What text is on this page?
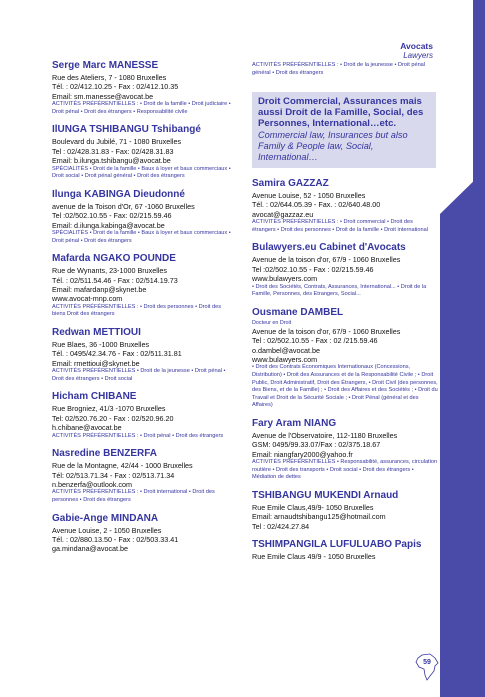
Avocats
Lawyers
Serge Marc MANESSE
Rue des Ateliers, 7 - 1080 Bruxelles
Tél. : 02/412.10.25 - Fax : 02/412.10.35
Email: sm.manesse@avocat.be
ACTIVITÉS PRÉFÉRENTIELLES : • Droit de la famille • Droit judiciaire • Droit pénal • Droit des étrangers • Responsabilité civile
IlUNGA TSHIBANGU Tshibangé
Boulevard du Jubilé, 71 - 1080 Bruxelles
Tel : 02/428.31.83 - Fax: 02/428.31.83
Email: b.ilunga.tshibangu@avocat.be
SPÉCIALITÉS • Droit de la famille • Baux à loyer et baux commerciaux • Droit social • Droit pénal général • Droit des étrangers
Ilunga KABINGA Dieudonné
avenue de la Toison d'Or, 67 -1060 Bruxelles
Tel :02/502.10.55 - Fax: 02/215.59.46
Email: d.ilunga.kabinga@avocat.be
SPÉCIALITÉS • Droit de la famille • Baux à loyer et baux commerciaux • Droit pénal • Droit des étrangers
Mafarda NGAKO POUNDE
Rue de Wynants, 23-1000 Bruxelles
Tél. : 02/511.54.46 - Fax : 02/514.19.73
Email: mafardanp@skynet.be
www.avocat-mnp.com
ACTIVITÉS PRÉFÉRENTIELLES : • Droit des personnes • Droit des biens Droit des étrangers
Redwan METTIOUI
Rue Blaes, 36 -1000 Bruxelles
Tél. : 0495/42.34.76 - Fax : 02/511.31.81
Email: rmettioui@skynet.be
ACTIVITÉS PRÉFÉRENTIELLES • Droit de la jeunesse • Droit pénal • Droit des étrangers • Droit social
Hicham CHIBANE
Rue Brogniez, 41/3 -1070 Bruxelles
Tel: 02/520.76.20 - Fax : 02/520.96.20
h.chibane@avocat.be
ACTIVITÉS PRÉFÉRENTIELLES : • Droit pénal • Droit des étrangers
Nasredine BENZERFA
Rue de la Montagne, 42/44 - 1000 Bruxelles
Tél: 02/513.71.34 - Fax : 02/513.71.34
n.benzerfa@outlook.com
ACTIVITÉS PRÉFÉRENTIELLES : • Droit international • Droit des personnes • Droit des étrangers
Gabie-Ange MINDANA
Avenue Louise, 2 - 1050 Bruxelles
Tél. : 02/880.13.50 - Fax : 02/503.33.41
ga.mindana@avocat.be
ACTIVITÉS PRÉFÉRENTIELLES : • Droit de la jeunesse • Droit pénal général • Droit des étrangers
Droit Commercial, Assurances mais aussi Droit de la Famille, Social, des Personnes, International…etc.
Commercial law, Insurances but also Family & People law, Social, International…
Samira GAZZAZ
Avenue Louise, 52 - 1050 Bruxelles
Tél. : 02/644.05.39 - Fax. : 02/640.48.00
avocat@gazzaz.eu
ACTIVITÉS PRÉFÉRENTIELLES : • Droit commercial • Droit des étrangers • Droit des personnes • Droit de la famille • Droit international
Bulawyers.eu Cabinet d'Avocats
Avenue de la toison d'or, 67/9 - 1060 Bruxelles
Tel :02/502.10.55 - Fax : 02/215.59.46
www.bulawyers.com
• Droit des Sociétés, Contrats, Assurances, International... • Droit de la Famille, Personnes, des Etrangers, Social...
Ousmane DAMBEL
Docteur en Droit
Avenue de la toison d'or, 67/9 - 1060 Bruxelles
Tel : 02/502.10.55 - Fax : 02 /215.59.46
o.dambel@avocat.be
www.bulawyers.com
• Droit des Contrats Économiques Internationaux (Concessions, Distribution) • Droit des Assurances et de la Responsabilité Civile ; • Droit Public, Droit Administratif, Droit des Étrangers, • Droit Civil (des personnes, des Biens, et de la Famille) ; • Droit des Affaires et des Sociétés ; • Droit du Travail et Droit de la Sécurité Sociale ; • Droit Pénal (général et des Affaires)
Fary Aram NIANG
Avenue de l'Observatoire, 112-1180 Bruxelles
GSM: 0495/99.33.07/Fax : 02/375.18.67
Email: niangfary2000@yahoo.fr
ACTIVITÉS PRÉFÉRENTIELLES • Responsabilité, assurances, circulation routière • Droit des transports • Droit social • Droit des étrangers • Médiation de dettes
TSHIBANGU MUKENDI Arnaud
Rue Emile Claus,49/9- 1050 Bruxelles
Email: arnaudtshibangu125@hotmail.com
Tel : 02/424.27.84
TSHIMPANGILA LUFULUABO Papis
Rue Emile Claus 49/9 - 1050 Bruxelles
59
